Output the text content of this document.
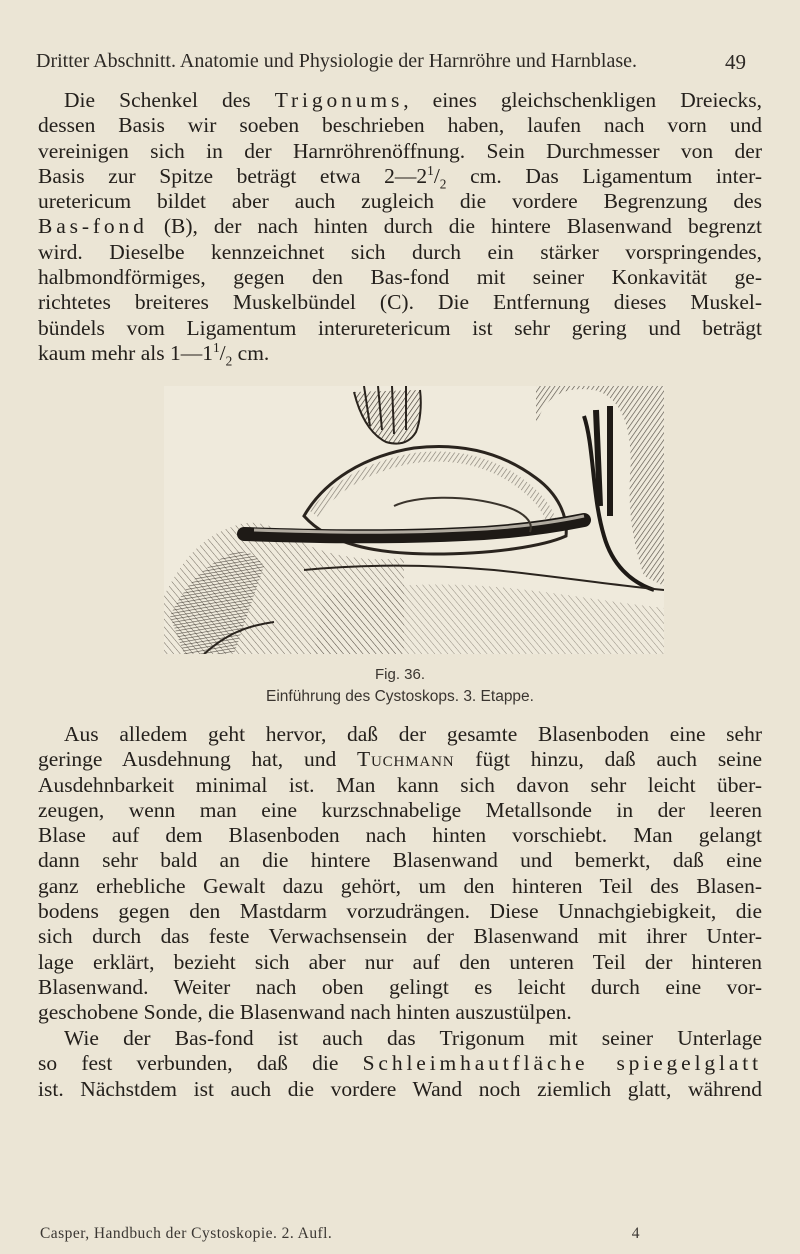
Dritter Abschnitt. Anatomie und Physiologie der Harnröhre und Harnblase.	49
Die Schenkel des Trigonums, eines gleichschenkligen Dreiecks,
dessen Basis wir soeben beschrieben haben, laufen nach vorn und
vereinigen sich in der Harnröhrenöffnung. Sein Durchmesser von der
Basis zur Spitze beträgt etwa $2—2^1/_2$ cm. Das Ligamentum inter-
uretericum bildet aber auch zugleich die vordere Begrenzung des
Bas-fond (B), der nach hinten durch die hintere Blasenwand begrenzt
wird. Dieselbe kennzeichnet sich durch ein stärker vorspringendes,
halbmondförmiges, gegen den Bas-fond mit seiner Konkavität ge-
richtetes breiteres Muskelbündel (C). Die Entfernung dieses Muskel-
bündels vom Ligamentum interuretericum ist sehr gering und beträgt
kaum mehr als $1—1^1/_2$ cm.
Fig. 36.
Einführung des Cystoskops. 3. Etappe.
Aus alledem geht hervor, daß der gesamte Blasenboden eine sehr
geringe Ausdehnung hat, und Tuchmann fügt hinzu, daß auch seine
Ausdehnbarkeit minimal ist. Man kann sich davon sehr leicht über-
zeugen, wenn man eine kurzschnabelige Metallsonde in der leeren
Blase auf dem Blasenboden nach hinten vorschiebt. Man gelangt
dann sehr bald an die hintere Blasenwand und bemerkt, daß eine
ganz erhebliche Gewalt dazu gehört, um den hinteren Teil des Blasen-
bodens gegen den Mastdarm vorzudrängen. Diese Unnachgiebigkeit, die
sich durch das feste Verwachsensein der Blasenwand mit ihrer Unter-
lage erklärt, bezieht sich aber nur auf den unteren Teil der hinteren
Blasenwand. Weiter nach oben gelingt es leicht durch eine vor-
geschobene Sonde, die Blasenwand nach hinten auszustülpen.
Wie der Bas-fond ist auch das Trigonum mit seiner Unterlage
so fest verbunden, daß die Schleimhautfläche spiegelglatt
ist. Nächstdem ist auch die vordere Wand noch ziemlich glatt, während
Casper, Handbuch der Cystoskopie. 2. Aufl.	4
